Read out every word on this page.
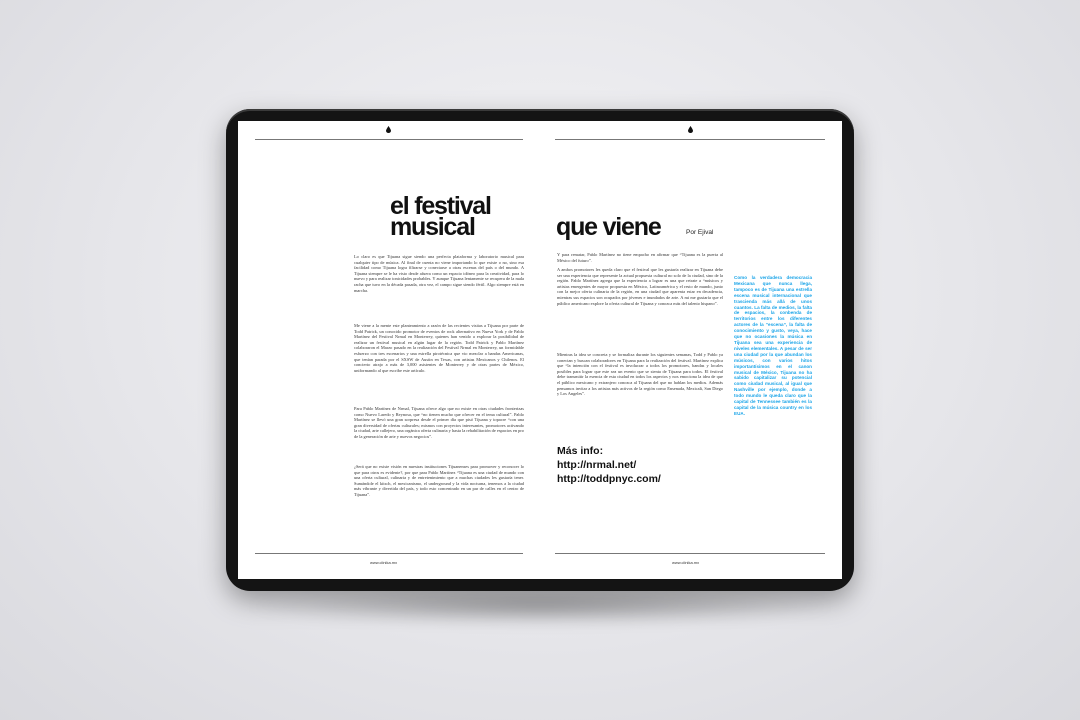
el festival
musical

Lo claro es que Tijuana sigue siendo una perfecta plataforma y laboratorio musical para cualquier tipo de música. Al final de cuenta no viene importando lo que existe o no, sino esa facilidad como Tijuana logra filtrarse y conectarse a otras escenas del país o del mundo. A Tijuana siempre se le ha visto desde afuera como un espacio idóneo para la creatividad, para lo nuevo y para realizar tonicidades probables. Y aunque Tijuana lentamente se recupera de la mala racha que tuvo en la década pasada, otra vez, el campo sigue siendo fértil. Algo siempre está en marcha.

Me viene a la mente este planteamiento a razón de las recientes visitas a Tijuana por parte de Todd Patrick, un conocido promotor de eventos de rock alternativo en Nueva York y de Pablo Martínez del Festival Nrmal en Monterrey, quienes han venido a explorar la posibilidad de realizar un festival musical en algún lugar de la región. Todd Patrick y Pablo Martínez colaboraron el Marzo pasado en la realización del Festival Nrmal en Monterrey, un formidable esfuerzo con tres escenarios y una estrella pirotécnica que vio mezclar a bandas Americanas, que tenían parada por el SXSW de Austin en Texas, con artistas Mexicanos y Chilenos. El concierto atrajo a más de 3,000 asistentes de Monterrey y de otras partes de México, uniformando al que escribe este artículo.

Para Pablo Martínez de Nrmal, Tijuana ofrece algo que no existe en otras ciudades fronterizas como Nuevo Laredo y Reynosa, que “no tienen mucho que ofrecer en el tema cultural”. Pablo Martínez se llevó una gran sorpresa desde el primer día que pisó Tijuana y topacre “con una gran diversidad de ofertas culturales; mismos con proyectos interesantes, promotores activando la ciudad, arte callejero, una orgánica oferta culinaria y hasta la rehabilitación de espacios en pro de la generación de arte y nuevos negocios”.

¿Será que no existe visión en nuestras instituciones Tijuanenses para promover y reconocer lo que para otros es evidente?, por que para Pablo Martínez “Tijuana es una ciudad de mundo con una oferta cultural, culinaria y de entretenimiento que a muchas ciudades les gustaría tener. Sumándole el kitsch, el mexicanismo, el underground y la vida nocturna, tenemos a la ciudad más vibrante y divertida del país, y todo esto concentrado en un par de calles en el centro de Tijuana”.

www.clinika.mx
que viene	Por Ejival

Y para rematar, Pablo Martínez no tiene empacho en afirmar que “Tijuana es la puerta al México del futuro”.

A ambos promotores les queda claro que el festival que les gustaría realizar en Tijuana debe ser una experiencia que represente la actual propuesta cultural no solo de la ciudad, sino de la región. Pablo Martínez agrega que la experiencia a lograr es una que retrate a “músicos y artistas emergentes de mayor propuesta en México, Latinoamérica y el resto de mundo, junto con la mejor oferta culinaria de la región, en una ciudad que aparenta estar en decadencia, mientras sus espacios son ocupados por jóvenes e inundados de arte. A mi me gustaría que el público americano explore la oferta cultural de Tijuana y conozca más del talento hispano”.

Mientras la idea se concreta y se formaliza durante los siguientes semanas, Todd y Pablo ya conectan y buscan colaboradores en Tijuana para la realización del festival. Martínez explica que “la intención con el festival es involucrar a todos los promotores, bandas y locales posibles para lograr que este sea un evento que se sienta de Tijuana para todos. El festival debe transmitir la esencia de esta ciudad en todos los aspectos y nos emociona la idea de que el público mexicano y extranjero conozca al Tijuana del que no hablan los medios. Además pensamos invitar a los artistas más activos de la región como Ensenada, Mexicali, San Diego y Los Angeles”.

Como la verdadera democracia Mexicana que nunca llega, tampoco es de Tijuana una estrella escena musical internacional que trascienda más allá de unos cuantos. La falta de medios, la falta de espacios, la conbenda de territorios entre los diferentes actores de la “escena”, la falta de conocimiento y gusto, veya, hace que no ocasiones la música en Tijuana sea una experiencia de niveles elementales. A pesar de ser una ciudad por la que abundan los músicos, con varios hitos importantísimos en el canon musical de México, Tijuana no ha sabido capitalizar su potencial como ciudad musical, al igual que Nashville por ejemplo, donde a todo mundo le queda claro que la capital de Tennessee también es la capital de la música country en los EUA.

Más info:
http://nrmal.net/
http://toddpnyc.com/
www.clinika.mx
